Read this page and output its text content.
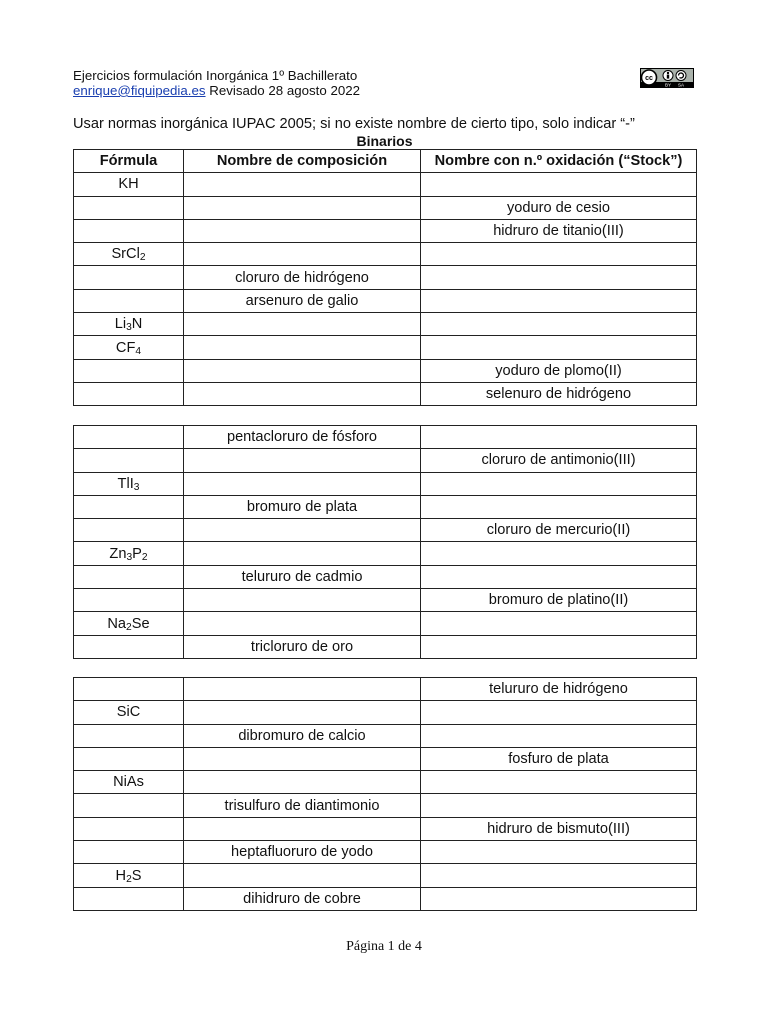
Ejercicios formulación Inorgánica 1º Bachillerato
enrique@fiquipedia.es Revisado 28 agosto 2022
cc
BY SA
Usar normas inorgánica IUPAC 2005; si no existe nombre de cierto tipo, solo indicar “-”
Binarios
Fórmula	Nombre de composición	Nombre con n.º oxidación (“Stock”)
KH		
		yoduro de cesio
		hidruro de titanio(III)
SrCl$_2$		
	cloruro de hidrógeno	
	arsenuro de galio	
$Li_3N$		
$CF_4$		
		yoduro de plomo(II)
		selenuro de hidrógeno
	pentacloruro de fósforo	
		cloruro de antimonio(III)
TlI$_3$		
	bromuro de plata	
		cloruro de mercurio(II)
$Zn_3P_2$		
	telururo de cadmio	
		bromuro de platino(II)
$Na_2Se$		
	tricloruro de oro	
		telururo de hidrógeno
SiC		
	dibromuro de calcio	
		fosfuro de plata
NiAs		
	trisulfuro de diantimonio	
		hidruro de bismuto(III)
	heptafluoruro de yodo	
$H_2S$		
	dihidruro de cobre	
Página 1 de 4
